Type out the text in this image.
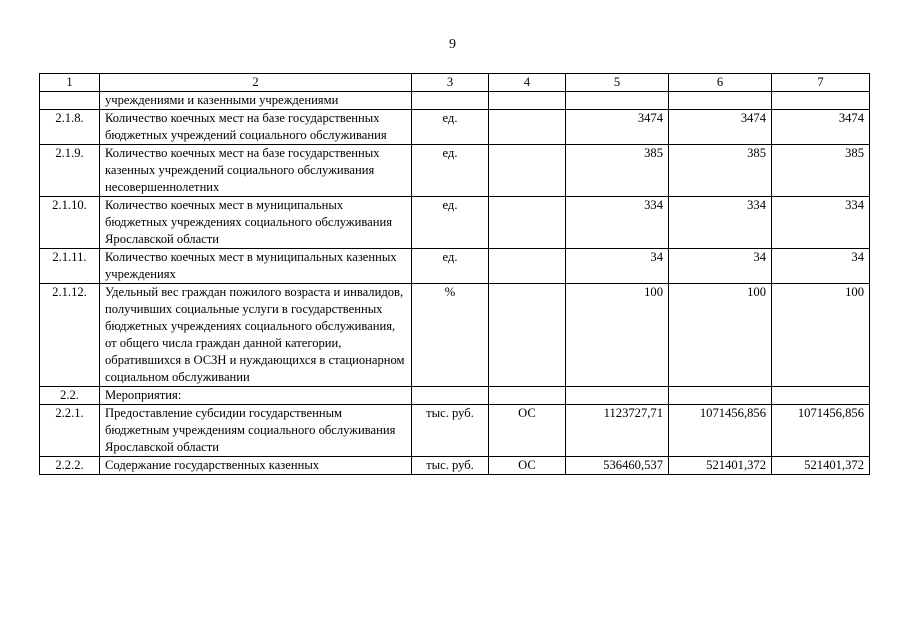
9
1	2	3	4	5	6	7
	учреждениями и казенными учреждениями					
2.1.8.	Количество коечных мест на базе государственных бюджетных учреждений социального обслуживания	ед.		3474	3474	3474
2.1.9.	Количество коечных мест на базе государственных казенных учреждений социального обслуживания несовершеннолетних	ед.		385	385	385
2.1.10.	Количество коечных мест в муниципальных бюджетных учреждениях социального обслуживания Ярославской области	ед.		334	334	334
2.1.11.	Количество коечных мест в муниципальных казенных учреждениях	ед.		34	34	34
2.1.12.	Удельный вес граждан пожилого возраста и инвалидов, получивших социальные услуги в государственных бюджетных учреждениях социального обслуживания, от общего числа граждан данной категории, обратившихся в ОСЗН и нуждающихся в стационарном социальном обслуживании	%		100	100	100
2.2.	Мероприятия:					
2.2.1.	Предоставление субсидии государственным бюджетным учреждениям социального обслуживания Ярославской области	тыс. руб.	ОС	1123727,71	1071456,856	1071456,856
2.2.2.	Содержание государственных казенных	тыс. руб.	ОС	536460,537	521401,372	521401,372
